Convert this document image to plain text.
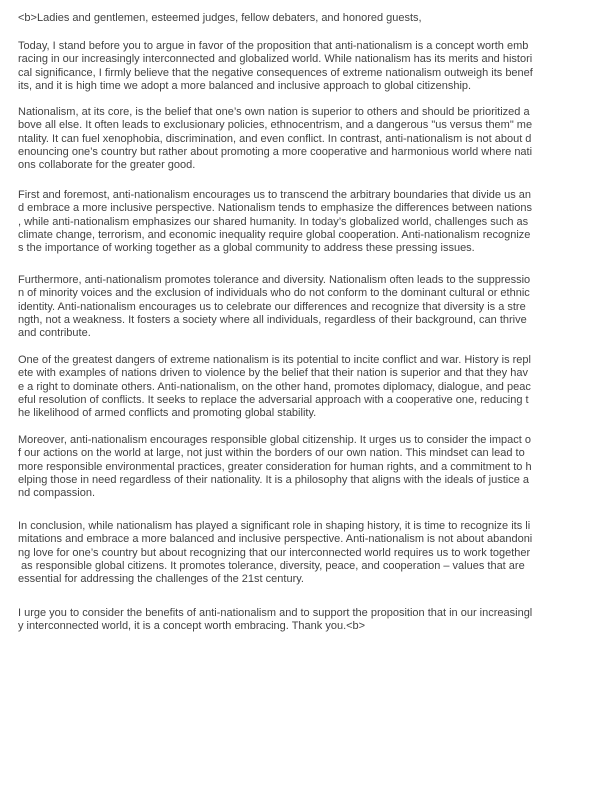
<b>Ladies and gentlemen, esteemed judges, fellow debaters, and honored guests,
Today, I stand before you to argue in favor of the proposition that anti-nationalism is a concept worth emb
racing in our increasingly interconnected and globalized world. While nationalism has its merits and histori
cal significance, I firmly believe that the negative consequences of extreme nationalism outweigh its benef
its, and it is high time we adopt a more balanced and inclusive approach to global citizenship.
Nationalism, at its core, is the belief that one’s own nation is superior to others and should be prioritized a
bove all else. It often leads to exclusionary policies, ethnocentrism, and a dangerous "us versus them" me
ntality. It can fuel xenophobia, discrimination, and even conflict. In contrast, anti-nationalism is not about d
enouncing one’s country but rather about promoting a more cooperative and harmonious world where nati
ons collaborate for the greater good.
First and foremost, anti-nationalism encourages us to transcend the arbitrary boundaries that divide us an
d embrace a more inclusive perspective. Nationalism tends to emphasize the differences between nations
, while anti-nationalism emphasizes our shared humanity. In today’s globalized world, challenges such as
climate change, terrorism, and economic inequality require global cooperation. Anti-nationalism recognize
s the importance of working together as a global community to address these pressing issues.
Furthermore, anti-nationalism promotes tolerance and diversity. Nationalism often leads to the suppressio
n of minority voices and the exclusion of individuals who do not conform to the dominant cultural or ethnic
identity. Anti-nationalism encourages us to celebrate our differences and recognize that diversity is a stre
ngth, not a weakness. It fosters a society where all individuals, regardless of their background, can thrive
and contribute.
One of the greatest dangers of extreme nationalism is its potential to incite conflict and war. History is repl
ete with examples of nations driven to violence by the belief that their nation is superior and that they hav
e a right to dominate others. Anti-nationalism, on the other hand, promotes diplomacy, dialogue, and peac
eful resolution of conflicts. It seeks to replace the adversarial approach with a cooperative one, reducing t
he likelihood of armed conflicts and promoting global stability.
Moreover, anti-nationalism encourages responsible global citizenship. It urges us to consider the impact o
f our actions on the world at large, not just within the borders of our own nation. This mindset can lead to
more responsible environmental practices, greater consideration for human rights, and a commitment to h
elping those in need regardless of their nationality. It is a philosophy that aligns with the ideals of justice a
nd compassion.
In conclusion, while nationalism has played a significant role in shaping history, it is time to recognize its li
mitations and embrace a more balanced and inclusive perspective. Anti-nationalism is not about abandoni
ng love for one’s country but about recognizing that our interconnected world requires us to work together
as responsible global citizens. It promotes tolerance, diversity, peace, and cooperation – values that are
essential for addressing the challenges of the 21st century.
I urge you to consider the benefits of anti-nationalism and to support the proposition that in our increasingl
y interconnected world, it is a concept worth embracing. Thank you.<b>
